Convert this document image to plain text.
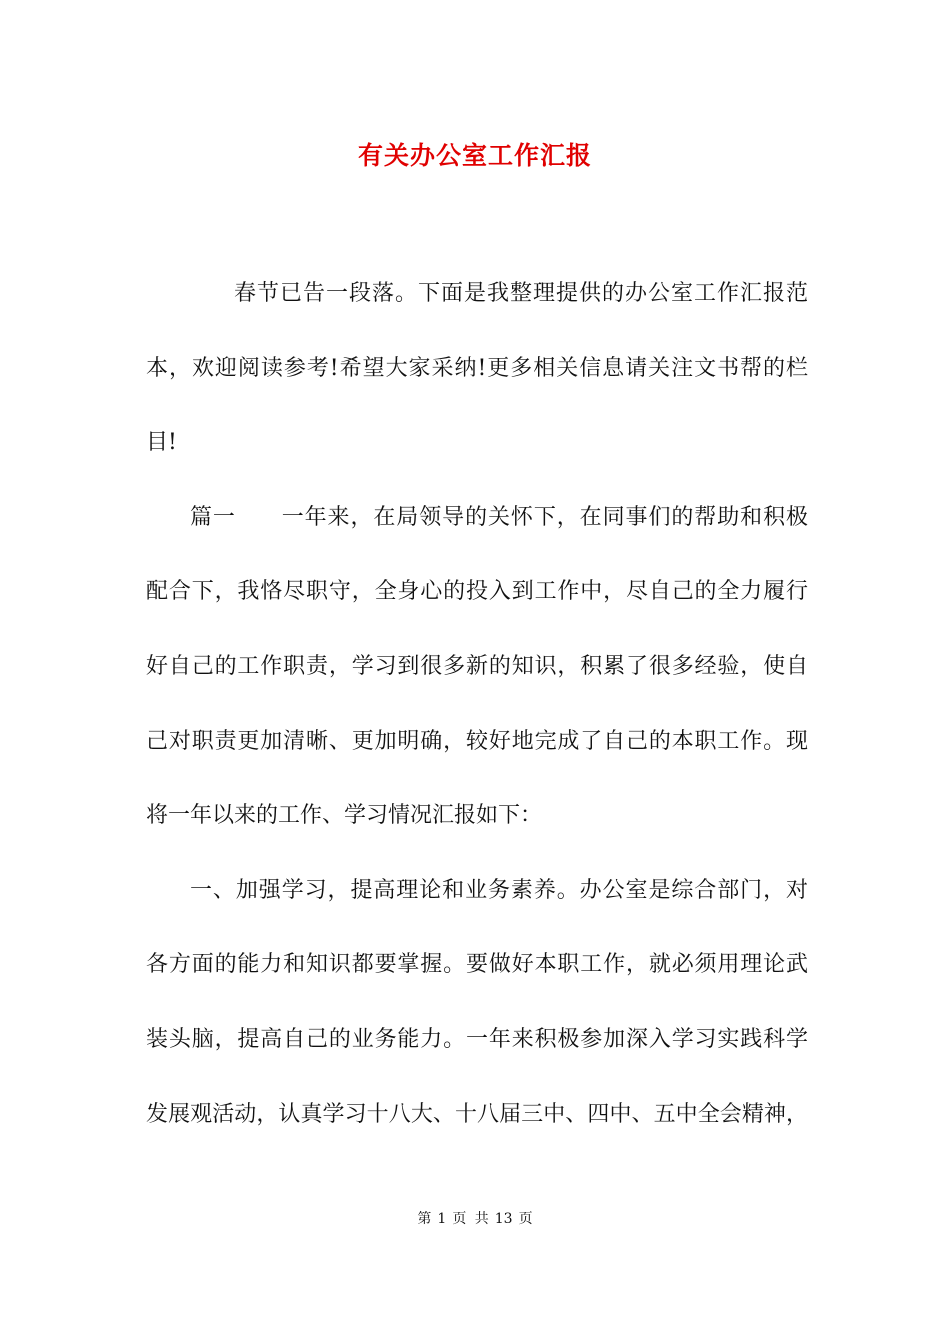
有关办公室工作汇报
春节已告一段落。下面是我整理提供的办公室工作汇报范
本，欢迎阅读参考!希望大家采纳!更多相关信息请关注文书帮的栏
目!
篇一　　一年来，在局领导的关怀下，在同事们的帮助和积极
配合下，我恪尽职守，全身心的投入到工作中，尽自己的全力履行
好自己的工作职责，学习到很多新的知识，积累了很多经验，使自
己对职责更加清晰、更加明确，较好地完成了自己的本职工作。现
将一年以来的工作、学习情况汇报如下：
一、加强学习，提高理论和业务素养。办公室是综合部门，对
各方面的能力和知识都要掌握。要做好本职工作，就必须用理论武
装头脑，提高自己的业务能力。一年来积极参加深入学习实践科学
发展观活动，认真学习十八大、十八届三中、四中、五中全会精神，
第 1 页 共 13 页
